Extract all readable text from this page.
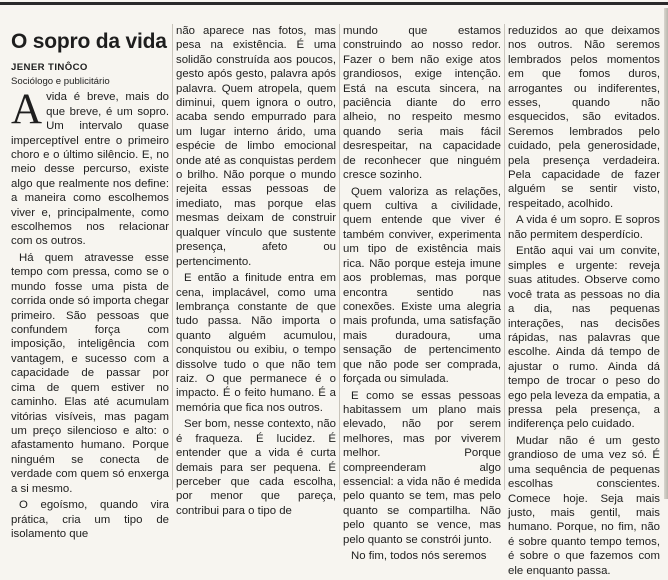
O sopro da vida

JENER TINÔCO

Sociólogo e publicitário

A vida é breve, mais do que breve, é um sopro. Um intervalo quase imperceptível entre o primeiro choro e o último silêncio. E, no meio desse percurso, existe algo que realmente nos define: a maneira como escolhemos viver e, principalmente, como escolhemos nos relacionar com os outros.

Há quem atravesse esse tempo com pressa, como se o mundo fosse uma pista de corrida onde só importa chegar primeiro. São pessoas que confundem força com imposição, inteligência com vantagem, e sucesso com a capacidade de passar por cima de quem estiver no caminho. Elas até acumulam vitórias visíveis, mas pagam um preço silencioso e alto: o afastamento humano. Porque ninguém se conecta de verdade com quem só enxerga a si mesmo.

O egoísmo, quando vira prática, cria um tipo de isolamento que

não aparece nas fotos, mas pesa na existência. É uma solidão construída aos poucos, gesto após gesto, palavra após palavra. Quem atropela, quem diminui, quem ignora o outro, acaba sendo empurrado para um lugar interno árido, uma espécie de limbo emocional onde até as conquistas perdem o brilho. Não porque o mundo rejeita essas pessoas de imediato, mas porque elas mesmas deixam de construir qualquer vínculo que sustente presença, afeto ou pertencimento.

E então a finitude entra em cena, implacável, como uma lembrança constante de que tudo passa. Não importa o quanto alguém acumulou, conquistou ou exibiu, o tempo dissolve tudo o que não tem raiz. O que permanece é o impacto. É o feito humano. É a memória que fica nos outros.

Ser bom, nesse contexto, não é fraqueza. É lucidez. É entender que a vida é curta demais para ser pequena. É perceber que cada escolha, por menor que pareça, contribui para o tipo de

mundo que estamos construindo ao nosso redor. Fazer o bem não exige atos grandiosos, exige intenção. Está na escuta sincera, na paciência diante do erro alheio, no respeito mesmo quando seria mais fácil desrespeitar, na capacidade de reconhecer que ninguém cresce sozinho.

Quem valoriza as relações, quem cultiva a civilidade, quem entende que viver é também conviver, experimenta um tipo de existência mais rica. Não porque esteja imune aos problemas, mas porque encontra sentido nas conexões. Existe uma alegria mais profunda, uma satisfação mais duradoura, uma sensação de pertencimento que não pode ser comprada, forçada ou simulada.

E como se essas pessoas habitassem um plano mais elevado, não por serem melhores, mas por viverem melhor. Porque compreenderam algo essencial: a vida não é medida pelo quanto se tem, mas pelo quanto se compartilha. Não pelo quanto se vence, mas pelo quanto se constrói junto.

No fim, todos nós seremos

reduzidos ao que deixamos nos outros. Não seremos lembrados pelos momentos em que fomos duros, arrogantes ou indiferentes, esses, quando não esquecidos, são evitados. Seremos lembrados pelo cuidado, pela generosidade, pela presença verdadeira. Pela capacidade de fazer alguém se sentir visto, respeitado, acolhido.

A vida é um sopro. E sopros não permitem desperdício.

Então aqui vai um convite, simples e urgente: reveja suas atitudes. Observe como você trata as pessoas no dia a dia, nas pequenas interações, nas decisões rápidas, nas palavras que escolhe. Ainda dá tempo de ajustar o rumo. Ainda dá tempo de trocar o peso do ego pela leveza da empatia, a pressa pela presença, a indiferença pelo cuidado.

Mudar não é um gesto grandioso de uma vez só. É uma sequência de pequenas escolhas conscientes. Comece hoje. Seja mais justo, mais gentil, mais humano. Porque, no fim, não é sobre quanto tempo temos, é sobre o que fazemos com ele enquanto passa.
